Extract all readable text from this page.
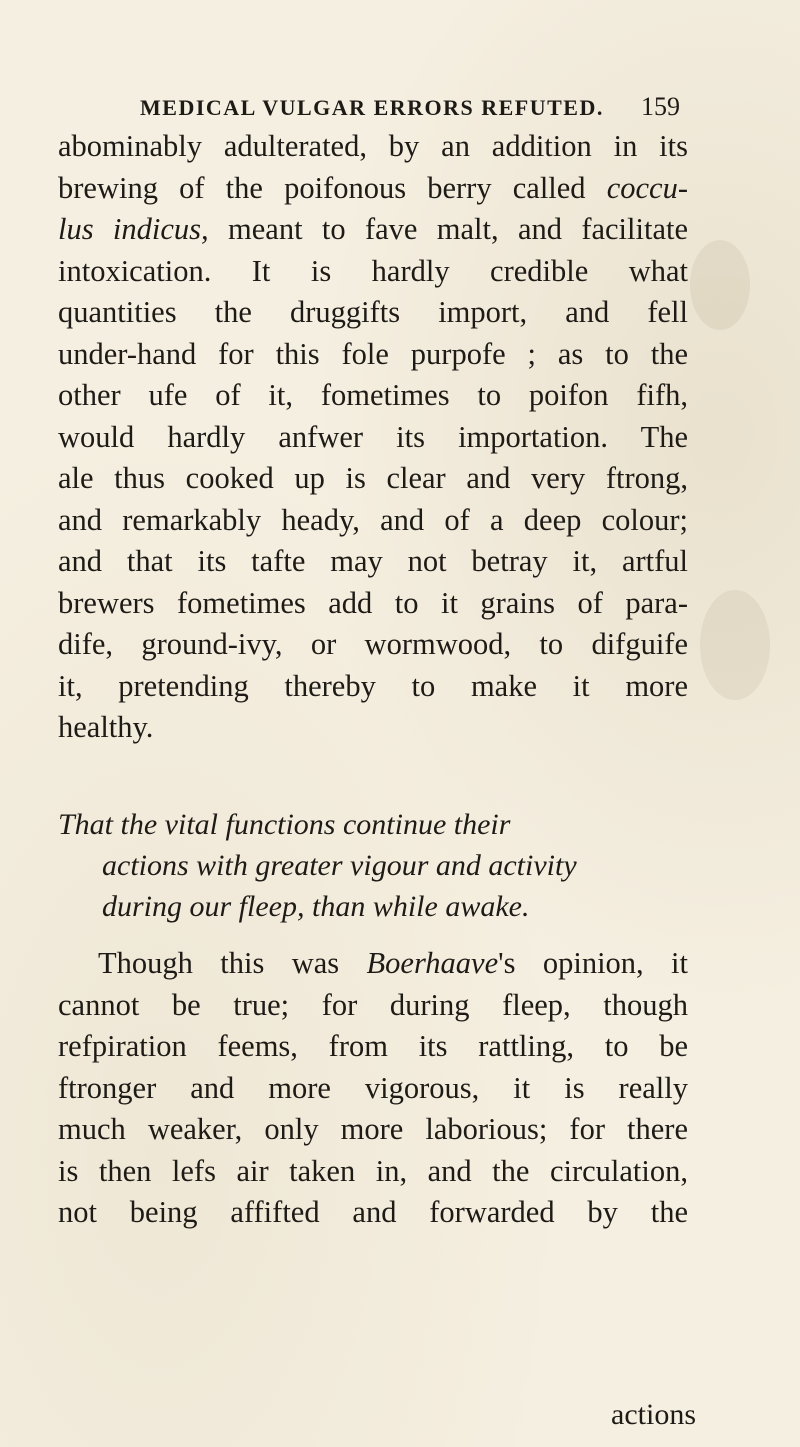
MEDICAL VULGAR ERRORS REFUTED. 159
abominably adulterated, by an addition in its
brewing of the poifonous berry called coccu-
lus indicus, meant to fave malt, and facilitate
intoxication. It is hardly credible what
quantities the druggifts import, and fell
under-hand for this fole purpofe ; as to the
other ufe of it, fometimes to poifon fifh,
would hardly anfwer its importation. The
ale thus cooked up is clear and very ftrong,
and remarkably heady, and of a deep colour;
and that its tafte may not betray it, artful
brewers fometimes add to it grains of para-
dife, ground-ivy, or wormwood, to difguife
it, pretending thereby to make it more
healthy.
That the vital functions continue their
actions with greater vigour and activity
during our fleep, than while awake.
Though this was Boerhaave's opinion, it
cannot be true; for during fleep, though
refpiration feems, from its rattling, to be
ftronger and more vigorous, it is really
much weaker, only more laborious; for there
is then lefs air taken in, and the circulation,
not being affifted and forwarded by the
actions
